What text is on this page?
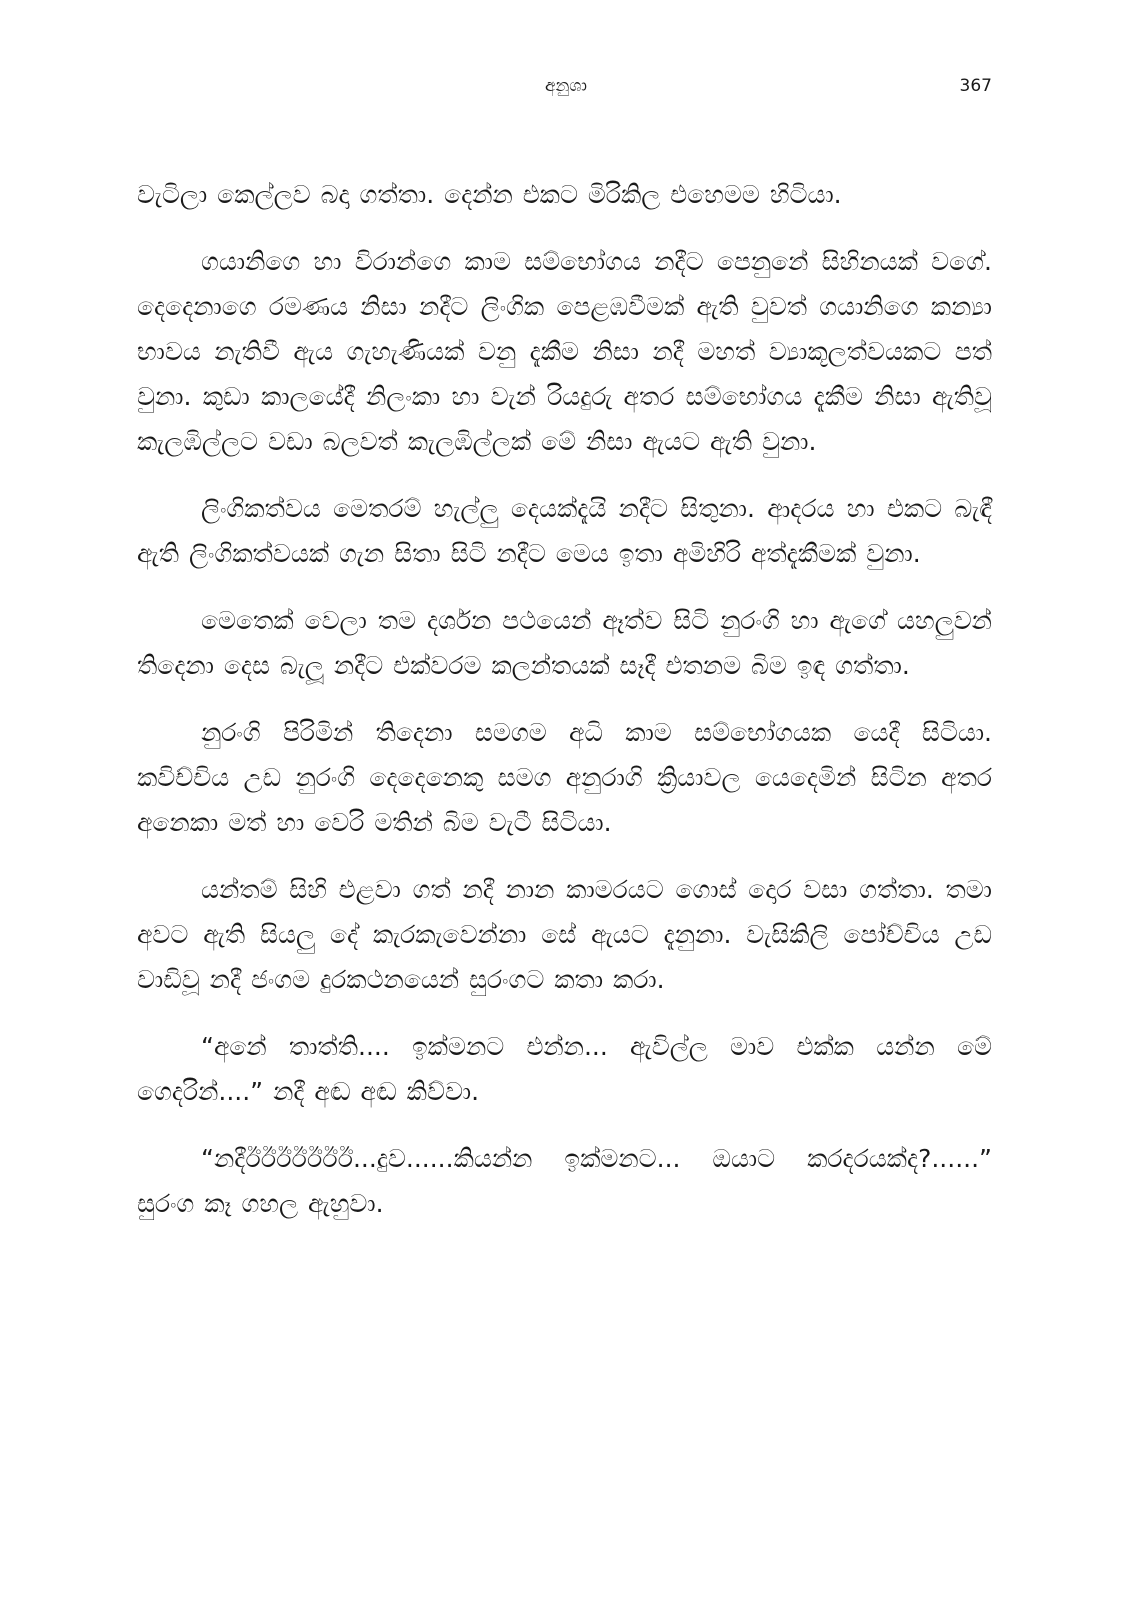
අනුශා	367

වැටිලා කෙල්ලව බදා ගත්තා. දෙන්න එකට මිරිකිල එහෙමම හිටියා.

ගයානිගෙ හා විරාන්ගෙ කාම සම්භෝගය නදීට පෙනුනේ සිහිනයක් වගේ. දෙදෙනාගෙ රමණය නිසා නදීට ලිංගික පෙළඹවීමක් ඇති වුවත් ගයානිගෙ කන්‍යා භාවය නැතිවී ඇය ගැහැණියක් වනු දැකීම නිසා නදී මහත් ව්‍යාකූලත්වයකට පත් වුනා. කුඩා කාලයේදී නිලංකා හා වැන් රියදුරු අතර සම්භෝගය දැකීම නිසා ඇතිවූ කැලඹිල්ලට වඩා බලවත් කැලඹිල්ලක් මේ නිසා ඇයට ඇති වුනා.

ලිංගිකත්වය මෙතරම් හැල්ලු දෙයක්දැයි නදීට සිතුනා. ආදරය හා එකට බැඳී ඇති ලිංගිකත්වයක් ගැන සිතා සිටි නදීට මෙය ඉතා අමිහිරි අත්දැකීමක් වුනා.

මෙතෙක් වෙලා තම දර්ශන පථයෙන් ඈත්ව සිටි නුරංගි හා ඇගේ යහලුවන් තිදෙනා දෙස බැලූ නදීට එක්වරම කලන්තයක් සෑදී එතනම බිම ඉඳ ගත්තා.

නුරංගි පිරිමින් තිදෙනා සමගම අධි කාම සම්භෝගයක යෙදී සිටියා. කවිච්චිය උඩ නුරංගි දෙදෙනෙකු සමග අනුරාගි ක්‍රියාවල යෙදෙමින් සිටින අතර අනෙකා මත් හා වෙරි මතින් බිම වැටී සිටියා.

යන්තම් සිහි එළවා ගත් නදී නාන කාමරයට ගොස් දොර වසා ගත්තා. තමා අවට ඇති සියලු දේ කැරකැවෙන්නා සේ ඇයට දැනුනා. වැසිකිලි පෝච්චිය උඩ වාඩිවූ නදී ජංගම දුරකථනයෙන් සුරංගට කතා කරා.

“අනේ තාත්ති.... ඉක්මනට එන්න... ඇවිල්ල මාව එක්ක යන්න මේ ගෙදරින්....” නදී අඬ අඬ කිව්වා.

“නදීඊඊඊඊඊඊඊ...දුව......කියන්න ඉක්මනට... ඔයාට කරදරයක්ද?......” සුරංග කෑ ගහල ඇහුවා.
